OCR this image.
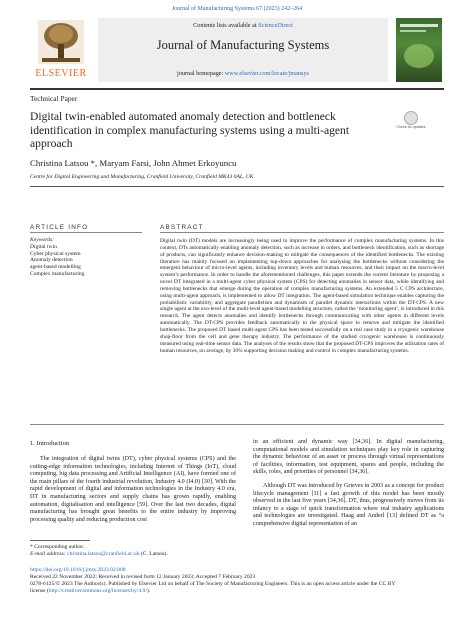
Journal of Manufacturing Systems 67 (2023) 242–264
ELSEVIER
Contents lists available at ScienceDirect
Journal of Manufacturing Systems
journal homepage: www.elsevier.com/locate/jmansys
Technical Paper
Digital twin-enabled automated anomaly detection and bottleneck identification in complex manufacturing systems using a multi-agent approach
Check for updates
Christina Latsou *, Maryam Farsi, John Ahmet Erkoyuncu
Centre for Digital Engineering and Manufacturing, Cranfield University, Cranfield MK43 0AL, UK
ARTICLE INFO
Keywords:
Digital twin
Cyber physical system
Anomaly detection
agent-based modelling
Complex manufacturing
ABSTRACT
Digital twin (DT) models are increasingly being used to improve the performance of complex manufacturing systems. In this context, DTs automatically enabling anomaly detection, such as increase in orders, and bottleneck identification, such as shortage of products, can significantly enhance decision-making to mitigate the consequences of the identified bottlenecks. The existing literature has mainly focused on implementing top-down approaches for analysing the bottlenecks without considering the emergent behaviour of micro-level agents, including inventory levels and human resources, and their impact on the macro-level system’s performance. In order to handle the aforementioned challenges, this paper extends the current literature by proposing a novel DT integrated in a multi-agent cyber physical system (CPS) for detecting anomalies in sensor data, while identifying and removing bottlenecks that emerge during the operation of complex manufacturing systems. An extended 5 C CPS architecture, using multi-agent approach, is implemented to allow DT integration. The agent-based simulation technique enables capturing the probabilistic variability, and aggregate parallelism and dynamism of parallel dynamic interactions within the DT-CPS. A new single agent at the exo-level of the multi-level agent-based modelling structure, called the ‘monitoring agent’, is introduced in this research. The agent detects anomalies and identify bottlenecks through communicating with other agents in different levels automatically. The DT-CPS provides feedback automatically to the physical space to remove and mitigate the identified bottlenecks. The proposed DT based multi-agent CPS has been tested successfully on a real case study in a cryogenic warehouse shop-floor from the cell and gene therapy industry. The performance of the studied cryogenic warehouse is continuously measured using real-time sensor data. The analyses of the results show that the proposed DT-CPS improves the utilisation rates of human resources, on average, by 30% supporting decision making and control in complex manufacturing systems.
1. Introduction
The integration of digital twins (DT), cyber physical systems (CPS) and the cutting-edge information technologies, including Internet of Things (IoT), cloud computing, big data processing and Artificial Intelligence (AI), have formed one of the main pillars of the fourth industrial revolution, Industry 4.0 (I4.0) [30]. With the rapid development of digital and information technologies in the Industry 4.0 era, DT in manufacturing sectors and supply chains has grown rapidly, enabling automation, digitalisation and intelligence [59]. Over the last two decades, digital manufacturing has brought great benefits to the entire industry by improving processing quality and reducing production cost

in an efficient and dynamic way [34,36]. In digital manufacturing, computational models and simulation techniques play key role in capturing the dynamic behaviour of an asset or process through virtual representations of facilities, information, test equipment, spares and people, including the skills, roles, and priorities of personnel [34,36].

Although DT was introduced by Grieves in 2003 as a concept for product lifecycle management [11] a fast growth of this model has been mostly observed in the last five years [34,36]. DT, thus, progressively moves from its infancy to a stage of quick transformation where real industry applications and technologies are investigated. Haag and Anderl [13] defined DT as “a comprehensive digital representation of an

* Corresponding author.
E-mail address: christina.latsou@cranfield.ac.uk (C. Latsou).
https://doi.org/10.1016/j.jmsy.2023.02.008
Received 22 November 2022; Received in revised form 12 January 2023; Accepted 7 February 2023
0278-6125/© 2023 The Author(s). Published by Elsevier Ltd on behalf of The Society of Manufacturing Engineers. This is an open access article under the CC BY
license (http://creativecommons.org/licenses/by/4.0/).
